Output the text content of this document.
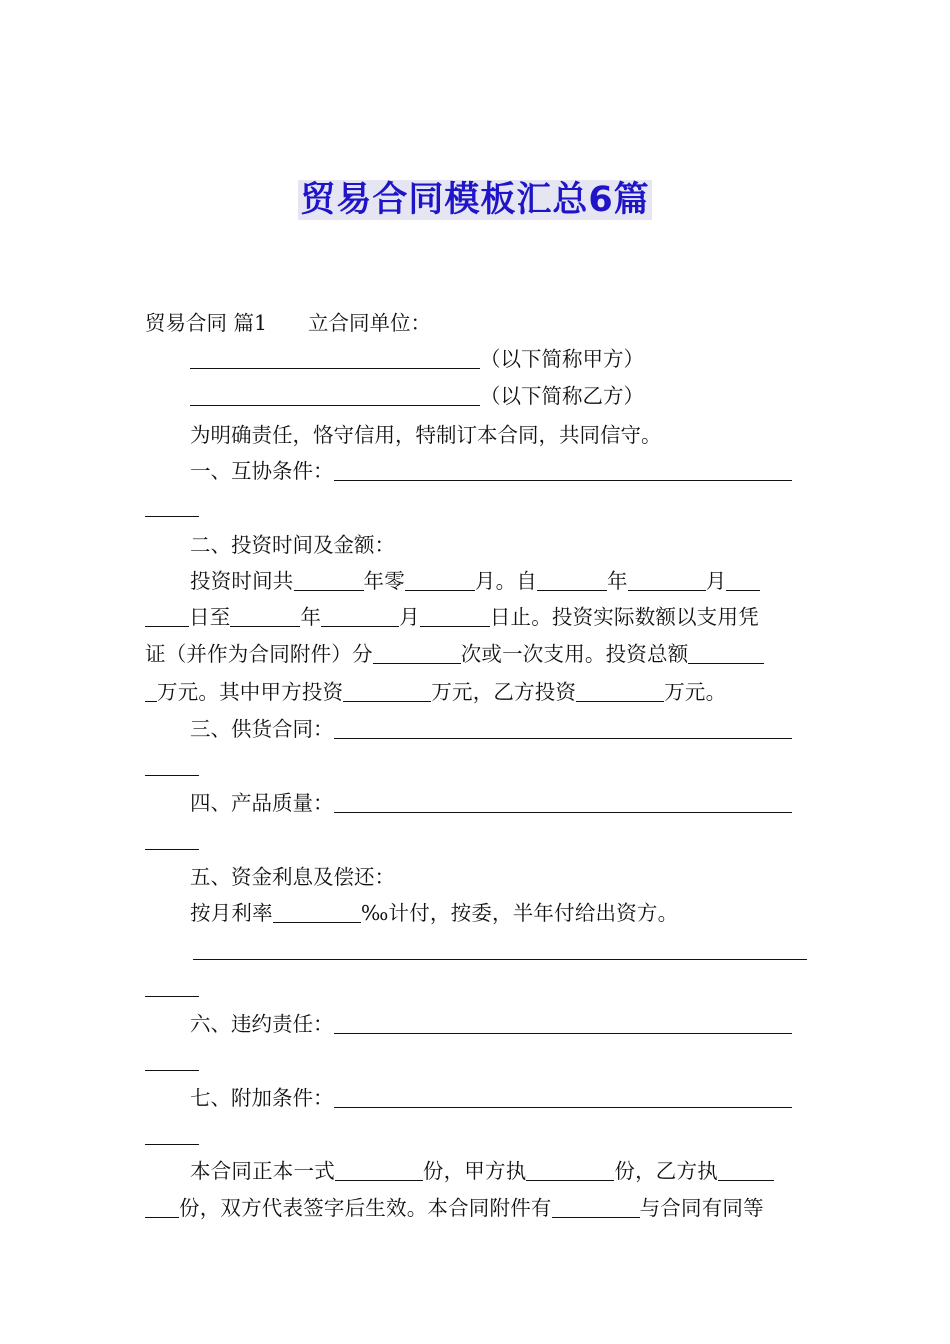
贸易合同模板汇总6篇
贸易合同 篇1　　立合同单位：
（以下简称甲方）
（以下简称乙方）
为明确责任，恪守信用，特制订本合同，共同信守。
一、互协条件：
二、投资时间及金额：
投资时间共	年零	月。自	年	月
日至	年	月	日止。投资实际数额以支用凭
证（并作为合同附件）分	次或一次支用。投资总额
万元。其中甲方投资	万元，乙方投资	万元。
三、供货合同：
四、产品质量：
五、资金利息及偿还：
按月利率	‰计付，按委，半年付给出资方。
六、违约责任：
七、附加条件：
本合同正本一式	份，甲方执	份，乙方执
份，双方代表签字后生效。本合同附件有	与合同有同等
